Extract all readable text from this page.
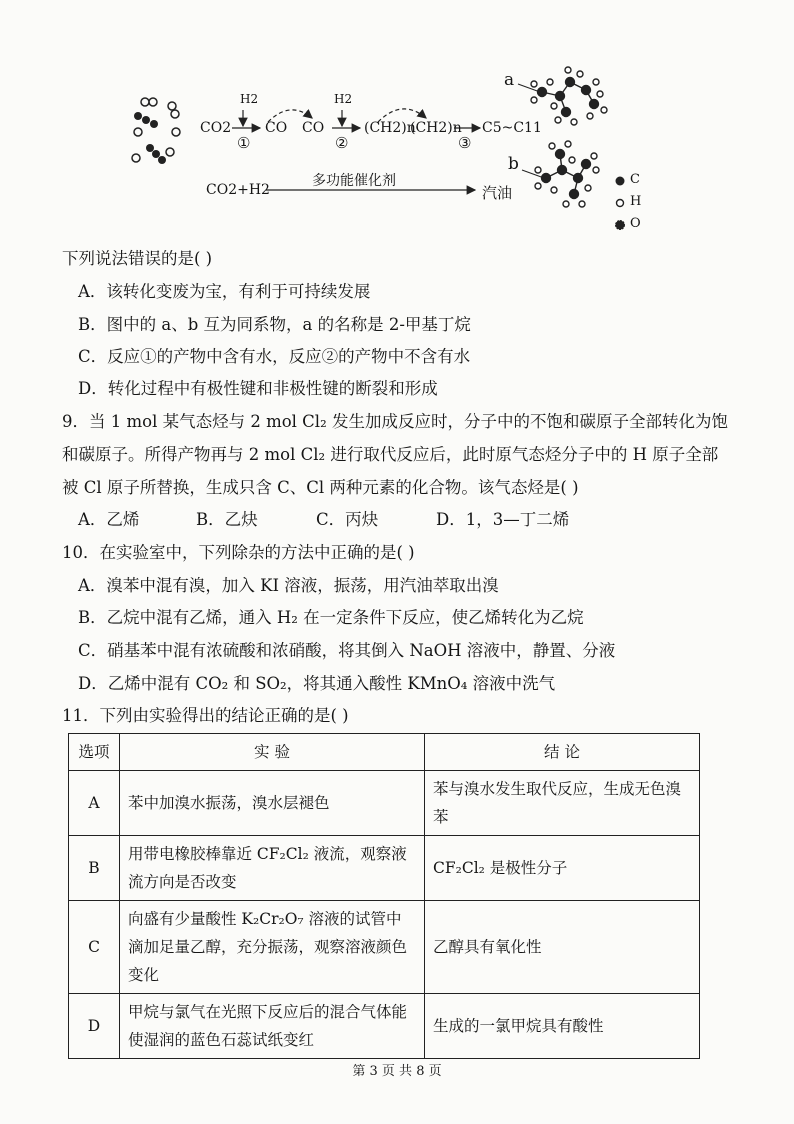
H2	H2
CO2 CO CO	(CH2)n
(CH2)n C5~C11
①	②	③
CO2+H2
多功能催化剂
汽油
a
b
C
H
O
下列说法错误的是( )
A．该转化变废为宝，有利于可持续发展
B．图中的 a、b 互为同系物，a 的名称是 2-甲基丁烷
C．反应①的产物中含有水，反应②的产物中不含有水
D．转化过程中有极性键和非极性键的断裂和形成
9．当 1 mol 某气态烃与 2 mol Cl₂ 发生加成反应时，分子中的不饱和碳原子全部转化为饱
和碳原子。所得产物再与 2 mol Cl₂ 进行取代反应后，此时原气态烃分子中的 H 原子全部
被 Cl 原子所替换，生成只含 C、Cl 两种元素的化合物。该气态烃是( )
A．乙烯	B．乙炔	C．丙炔	D．1，3—丁二烯
10．在实验室中，下列除杂的方法中正确的是( )
A．溴苯中混有溴，加入 KI 溶液，振荡，用汽油萃取出溴
B．乙烷中混有乙烯，通入 H₂ 在一定条件下反应，使乙烯转化为乙烷
C．硝基苯中混有浓硫酸和浓硝酸，将其倒入 NaOH 溶液中，静置、分液
D．乙烯中混有 CO₂ 和 SO₂，将其通入酸性 KMnO₄ 溶液中洗气
11．下列由实验得出的结论正确的是( )
选项	实 验	结 论
A	苯中加溴水振荡，溴水层褪色	苯与溴水发生取代反应，生成无色溴苯
B	用带电橡胶棒靠近 CF₂Cl₂ 液流，观察液流方向是否改变	CF₂Cl₂ 是极性分子
C	向盛有少量酸性 K₂Cr₂O₇ 溶液的试管中滴加足量乙醇，充分振荡，观察溶液颜色变化	乙醇具有氧化性
D	甲烷与氯气在光照下反应后的混合气体能使湿润的蓝色石蕊试纸变红	生成的一氯甲烷具有酸性
第 3 页 共 8 页
